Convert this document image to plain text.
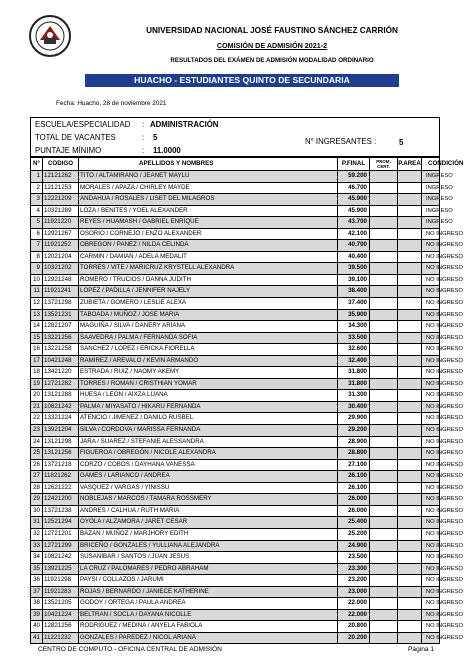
UNIVERSIDAD NACIONAL JOSÉ FAUSTINO SÁNCHEZ CARRIÓN
COMISIÓN DE ADMISIÓN 2021-2
RESULTADOS DEL EXÁMEN DE ADMISIÓN MODALIDAD ORDINARIO
HUACHO - ESTUDIANTES QUINTO DE SECUNDARIA
Fecha: Huacho, 28 de noviembre 2021
ESCUELA/ESPECIALIDAD : ADMINISTRACIÓN
TOTAL DE VACANTES	: 5
PUNTAJE MÍNIMO	: 11.0000
N° INGRESANTES :	5
N°	CODIGO	APELLIDOS Y NOMBRES	P.FINAL	PROM. CERT.	P.AREA	CONDICIÓN
1 12121262	TITO / ALTAMIRANO / JEANET MAYLU	59.200	INGRESO
2 12121253	MORALES / APAZA / CHIRLEY MAYDE	46.700	INGRESO
3 12221209	ANDAHUA / ROSALES / LISET DEL MILAGROS	45.900	INGRESO
4 10321289	LOZA / BENITES / YOEL ALEXANDER	45.900	INGRESO
5 11921220	REYES / HUAMASH / GABRIEL ENRIQUE	43.700	INGRESO
6 12921267	OSORIO / CORNEJO / ENZO ALEXANDER	42.100	NO INGRESO
7 11921252	OBREGON / PANEZ / NILDA CELINDA	40.700	NO INGRESO
8 12021204	CARMIN / DAMIAN / ADELA MEDALIT	40.400	NO INGRESO
9 10321202	TORRES / VITE / MARICRUZ KRYSTELL ALEXANDRA	39.500	NO INGRESO
10 12921248	ROMERO / TRUCIOS / DANNA JUDITH	39.100	NO INGRESO
11 11921241	LOPEZ / PADILLA / JENNIFER NAJELY	38.400	NO INGRESO
12 13721298	ZUBIETA / GOMERO / LESLIE ALEXA	37.400	NO INGRESO
13 13521231	TABOADA / MUÑOZ / JOSE MARIA	35.900	NO INGRESO
14 12821207	MAGUIÑA / SILVA / DANERY ARIANA	34.300	NO INGRESO
15 13221256	SAAVEDRA / PALMA / FERNANDA SOFIA	33.500	NO INGRESO
16 13221258	SANCHEZ / LOPEZ / ERICKA FIORELLA	32.600	NO INGRESO
17 10421248	RAMIREZ / AREVALO / KEVIN ARMANDO	32.400	NO INGRESO
18 13421220	ESTRADA / RUIZ / NAOMY AKEMY	31.800	NO INGRESO
19 12721282	TORRES / ROMAN / CRISTHIAN YOMAR	31.800	NO INGRESO
20 13121288	HUESA / LEON / AIXZA LUANA	31.300	NO INGRESO
21 10821242	PALMA / MIYASATO / HIKARU FERNANDA	30.400	NO INGRESO
22 13321224	ATENCIO / JIMENEZ / DANILO RUSBEL	29.900	NO INGRESO
23 13921204	SILVA / CORDOVA / MARISSA FERNANDA	29.200	NO INGRESO
24 13121298	JARA / SUAREZ / STEFANIE ALESSANDRA	28.900	NO INGRESO
25 13121256	FIGUEROA / OBREGÓN / NICOLE ALEXANDRA	28.800	NO INGRESO
26 13721218	CORZO / COBOS / DAYHANA VANESSA	27.100	NO INGRESO
27 11821262	GAMES / LARIANCO / ANDREA	26.100	NO INGRESO
28 12621222	VASQUEZ / VARGAS / YINISSU	26.100	NO INGRESO
29 12421200	NOBLEJAS / MARCOS / TAMARA ROSSMERY	26.000	NO INGRESO
30 13721238	ANDRES / CALHUA / RUTH MARIA	26.000	NO INGRESO
31 12521294	OYOLA / ALZAMORA / JARET CESAR	25.400	NO INGRESO
32 12721201	BAZAN / MUÑOZ / MARJHORY EDITH	25.200	NO INGRESO
33 12721299	BRICEÑO / GONZALES / YULLIANA ALEJANDRA	24.900	NO INGRESO
34 10821242	SUSANIBAR / SANTOS / JUAN JESUS	23.500	NO INGRESO
35 13921225	LA CRUZ / PALOMARES / PEDRO ABRAHAM	23.300	NO INGRESO
36 11921298	PAYSI / COLLAZOS / JARUMI	23.200	NO INGRESO
37 11921283	ROJAS / BERNARDO / JANIECE KATHERINE	23.000	NO INGRESO
38 13521205	GODOY / ORTEGA / PAULA ANDREA	22.000	NO INGRESO
39 10421224	BELTRAN / SOCLA / DAYANA NICOLLE	22.000	NO INGRESO
40 12821256	RODRIGUEZ / MEDINA / ANYELA FABIOLA	20.800	NO INGRESO
41 11221232	GONZALES / PAREDEZ / NICOL ARIANA	20.200	NO INGRESO
CENTRO DE COMPUTO - OFICINA CENTRAL DE ADMISIÓN	Página 1
